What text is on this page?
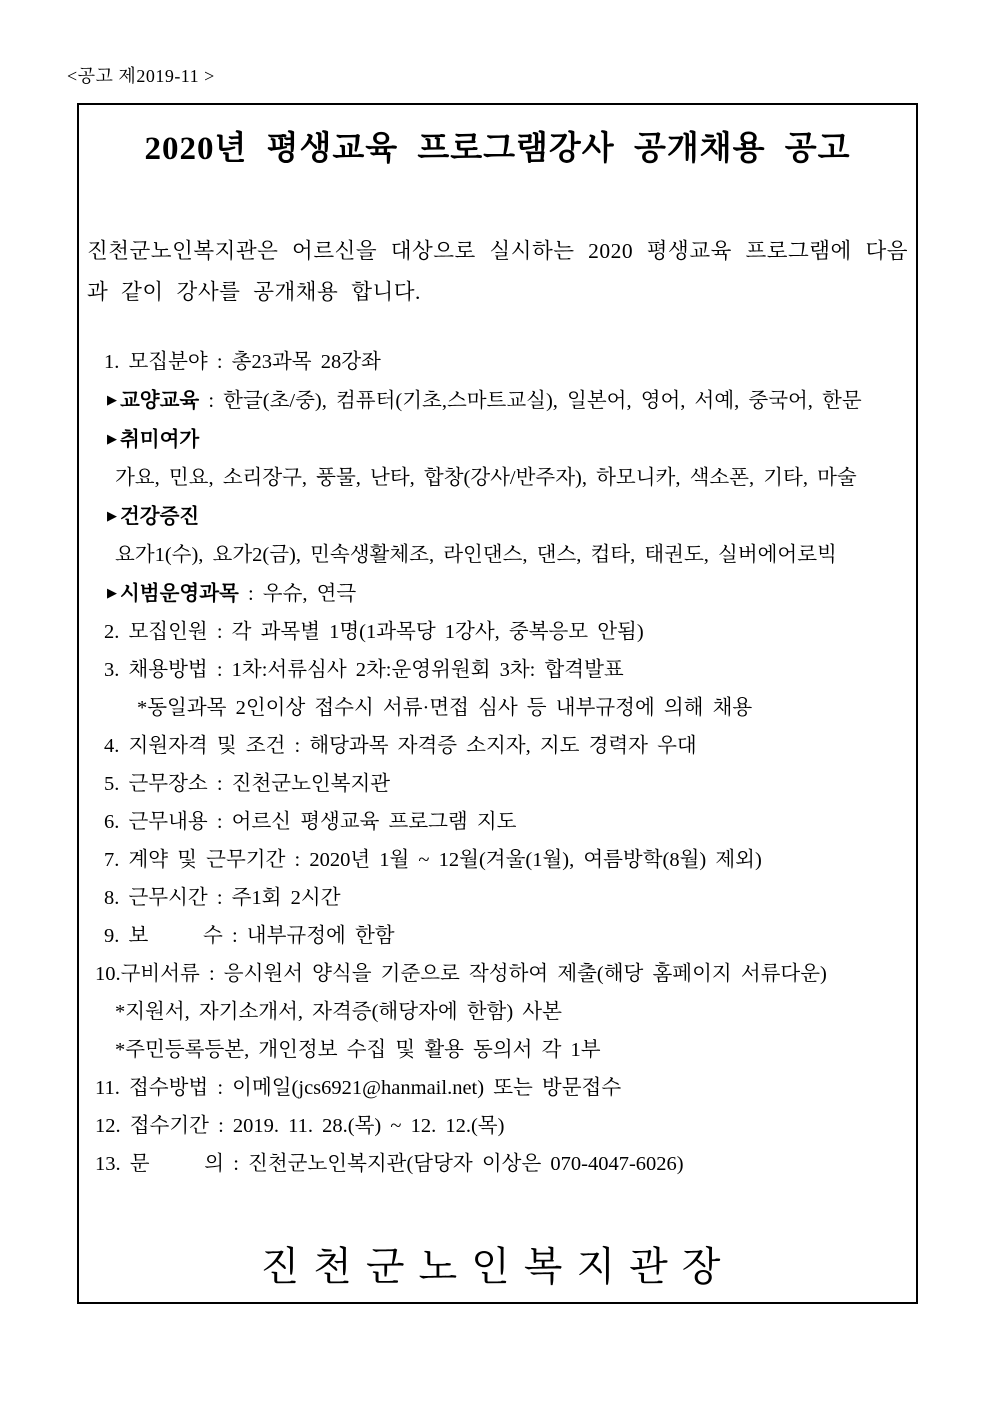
<공고 제2019-11 >
2020년 평생교육 프로그램강사 공개채용 공고

진천군노인복지관은 어르신을 대상으로 실시하는 2020 평생교육 프로그램에 다음과 같이 강사를 공개채용 합니다.

1. 모집분야 : 총23과목 28강좌
▶ 교양교육 : 한글(초/중), 컴퓨터(기초,스마트교실), 일본어, 영어, 서예, 중국어, 한문
▶ 취미여가
가요, 민요, 소리장구, 풍물, 난타, 합창(강사/반주자), 하모니카, 색소폰, 기타, 마술
▶ 건강증진
요가1(수), 요가2(금), 민속생활체조, 라인댄스, 댄스, 컵타, 태권도, 실버에어로빅
▶ 시범운영과목 : 우슈, 연극
2. 모집인원 : 각 과목별 1명(1과목당 1강사, 중복응모 안됨)
3. 채용방법 : 1차:서류심사 2차:운영위원회 3차: 합격발표
*동일과목 2인이상 접수시 서류·면접 심사 등 내부규정에 의해 채용
4. 지원자격 및 조건 : 해당과목 자격증 소지자, 지도 경력자 우대
5. 근무장소 : 진천군노인복지관
6. 근무내용 : 어르신 평생교육 프로그램 지도
7. 계약 및 근무기간 : 2020년 1월 ~ 12월(겨울(1월), 여름방학(8월) 제외)
8. 근무시간 : 주1회 2시간
9. 보      수 : 내부규정에 한함
10.구비서류 : 응시원서 양식을 기준으로 작성하여 제출(해당 홈페이지 서류다운)
*지원서, 자기소개서, 자격증(해당자에 한함) 사본
*주민등록등본, 개인정보 수집 및 활용 동의서 각 1부
11. 접수방법 : 이메일(jcs6921@hanmail.net) 또는 방문접수
12. 접수기간 : 2019. 11. 28.(목) ~ 12. 12.(목)
13. 문      의 : 진천군노인복지관(담당자 이상은 070-4047-6026)
진천군노인복지관장
